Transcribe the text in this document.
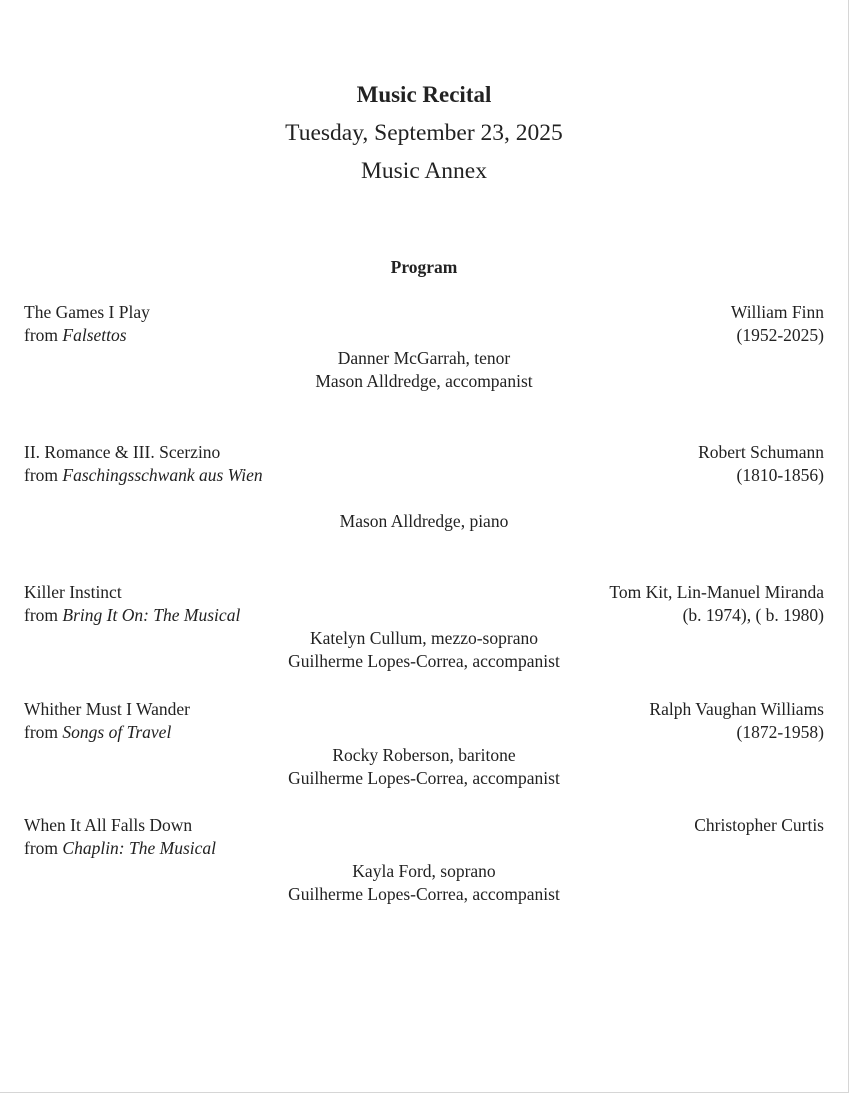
Music Recital
Tuesday, September 23, 2025
Music Annex
Program
The Games I Play	William Finn
from Falsettos	(1952-2025)
Danner McGarrah, tenor
Mason Alldredge, accompanist
II. Romance & III. Scerzino	Robert Schumann
from Faschingsschwank aus Wien	(1810-1856)
Mason Alldredge, piano
Killer Instinct	Tom Kit, Lin-Manuel Miranda
from Bring It On: The Musical	(b. 1974), ( b. 1980)
Katelyn Cullum, mezzo-soprano
Guilherme Lopes-Correa, accompanist
Whither Must I Wander	Ralph Vaughan Williams
from Songs of Travel	(1872-1958)
Rocky Roberson, baritone
Guilherme Lopes-Correa, accompanist
When It All Falls Down	Christopher Curtis
from Chaplin: The Musical
Kayla Ford, soprano
Guilherme Lopes-Correa, accompanist
